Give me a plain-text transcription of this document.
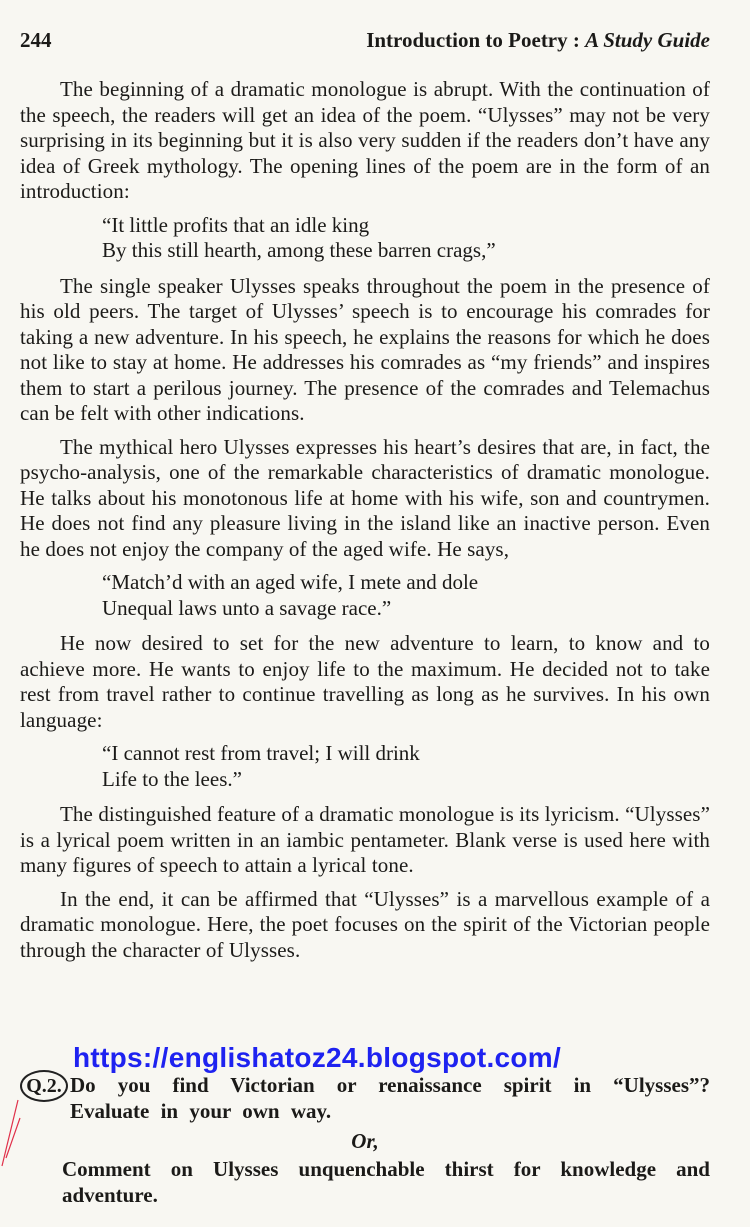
244	Introduction to Poetry : A Study Guide

The beginning of a dramatic monologue is abrupt. With the continuation of the speech, the readers will get an idea of the poem. “Ulysses” may not be very surprising in its beginning but it is also very sudden if the readers don’t have any idea of Greek mythology. The opening lines of the poem are in the form of an introduction:

“It little profits that an idle king
By this still hearth, among these barren crags,”

The single speaker Ulysses speaks throughout the poem in the presence of his old peers. The target of Ulysses’ speech is to encourage his comrades for taking a new adventure. In his speech, he explains the reasons for which he does not like to stay at home. He addresses his comrades as “my friends” and inspires them to start a perilous journey. The presence of the comrades and Telemachus can be felt with other indications.

The mythical hero Ulysses expresses his heart’s desires that are, in fact, the psycho-analysis, one of the remarkable characteristics of dramatic monologue. He talks about his monotonous life at home with his wife, son and countrymen. He does not find any pleasure living in the island like an inactive person. Even he does not enjoy the company of the aged wife. He says,

“Match’d with an aged wife, I mete and dole
Unequal laws unto a savage race.”

He now desired to set for the new adventure to learn, to know and to achieve more. He wants to enjoy life to the maximum. He decided not to take rest from travel rather to continue travelling as long as he survives. In his own language:

“I cannot rest from travel; I will drink
Life to the lees.”

The distinguished feature of a dramatic monologue is its lyricism. “Ulysses” is a lyrical poem written in an iambic pentameter. Blank verse is used here with many figures of speech to attain a lyrical tone.

In the end, it can be affirmed that “Ulysses” is a marvellous example of a dramatic monologue. Here, the poet focuses on the spirit of the Victorian people through the character of Ulysses.

https://englishatoz24.blogspot.com/
Q.2. Do you find Victorian or renaissance spirit in “Ulysses”? Evaluate in your own way.
Or,
Comment on Ulysses unquenchable thirst for knowledge and adventure.
